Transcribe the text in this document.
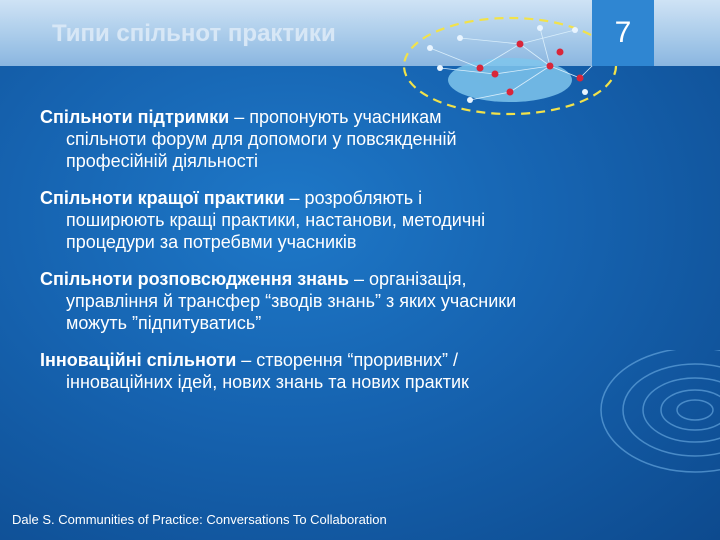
Типи спільнот практики	7
Спільноти підтримки – пропонують учасникам
спільноти форум для допомоги у повсякденній
професійній діяльності
Спільноти кращої практики – розробляють і
поширюють кращі практики, настанови, методичні
процедури за потребвми учасників
Спільноти розповсюдження знань – організація,
управління й трансфер “зводів знань” з яких учасники
можуть ”підпитуватись”
Інноваційні спільноти – створення “проривних” /
інноваційних ідей, нових знань та нових практик
Dale S. Communities of Practice: Conversations To Collaboration
